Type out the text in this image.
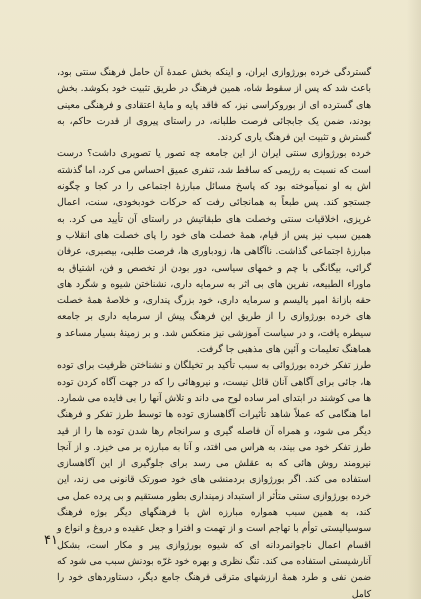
گسترد‌گی خرده بورژوازی ایران، و اینکه بخش عمدهٔ آن حامل فرهنگ سنتی بود، باعث شد که پس از سقوط شاه، همین فرهنگ در طریق تثبیت خود بکوشد. بخش های گسترده ای از بوروکراسی نیز، که فاقد پایه و مایهٔ اعتقادی و فرهنگی معینی بودند، ضمن یک جابجائی فرصت طلبانه، در راستای پیروی از قدرت حاکم، به گسترش و تثبیت این فرهنگ یاری کردند.

خرده بورژوازی سنتی ایران از این جامعه چه تصور یا تصویری داشت؟ درست است که نسبت به رژیمی که ساقط شد، تنفری عمیق احساس می کرد، اما گذشته اش به او نمیآموخته بود که پاسخ مسائل مبارزهٔ اجتماعی را در کجا و چگونه جستجو کند. پس طبعاً به همانجائی رفت که حرکات خودبخودی، سنت، اعمال غریزی، اخلاقیات سنتی وخصلت های طبقاتیش در راستای آن تأیید می کرد. به همین سبب نیز پس از قیام، همهٔ خصلت های خود را پای خصلت های انقلاب و مبارزهٔ اجتماعی گذاشت. ناآگاهی ها، زودباوری ها، فرصت طلبی، بیصبری، عرفان گرائی، بیگانگی با چم و خمهای سیاسی، دور بودن از تخصص و فن، اشتیاق به ماوراء الطبیعه، نفرین های بی اثر به سرمایه داری، نشناختن شیوه و شگرد های حقه بازانهٔ امپر یالیسم و سرمایه داری، خود بزرگ پنداری، و خلاصهٔ همهٔ خصلت های خرده بورژوازی را از طریق این فرهنگ پیش از سرمایه داری بر جامعه سیطره یافت، و در سیاست آموزشی نیز منعکس شد. و بر زمینهٔ بسیار مساعد و هماهنگ تعلیمات و آئین های مذهبی جا گرفت.

طرز تفکر خرده بورژوائی به سبب تأکید بر تخیلگان و نشناختن ظرفیت برای توده ها، جائی برای آگاهی آنان قائل نیست، و نیروهائی را که در جهت آگاه کردن توده ها می کوشند در ابتدای امر ساده لوح می داند و تلاش آنها را بی فایده می شمارد. اما هنگامی که عملاً شاهد تأثیرات آگاهسازی توده ها توسط طرز تفکر و فرهنگ دیگر می شود، و همراه آن فاصله گیری و سرانجام رها شدن توده ها را از قید طرز تفکر خود می بیند، به هراس می افتد، و آنا به مبارزه بر می خیزد. و از آنجا نیرومند روش هائی که به عقلش می رسد برای جلوگیری از این آگاهسازی استفاده می کند. اگر بورژوازی بردمنشی های خود صورتک قانونی می زند، این خرده بورژوازی سنتی متأثر از استبداد زمینداری بطور مستقیم و بی پرده عمل می کند، به همین سبب همواره مبارزه اش با فرهنگهای دیگر بوژه فرهنگ سوسیالیستی توأم با تهاجم است و از تهمت و افترا و جعل عقیده و دروغ و انواع و اقسام اعمال ناجوانمردانه ای که شیوه بورژوازی پیر و مکار است، بشکل آنارشیستی استفاده می کند. تنگ نظری و بهره خود غرّه بودنش سبب می شود که ضمن نفی و طرد همهٔ ارزشهای مترقی فرهنگ جامع دیگر، دستاوردهای خود را کامل

۴۱
